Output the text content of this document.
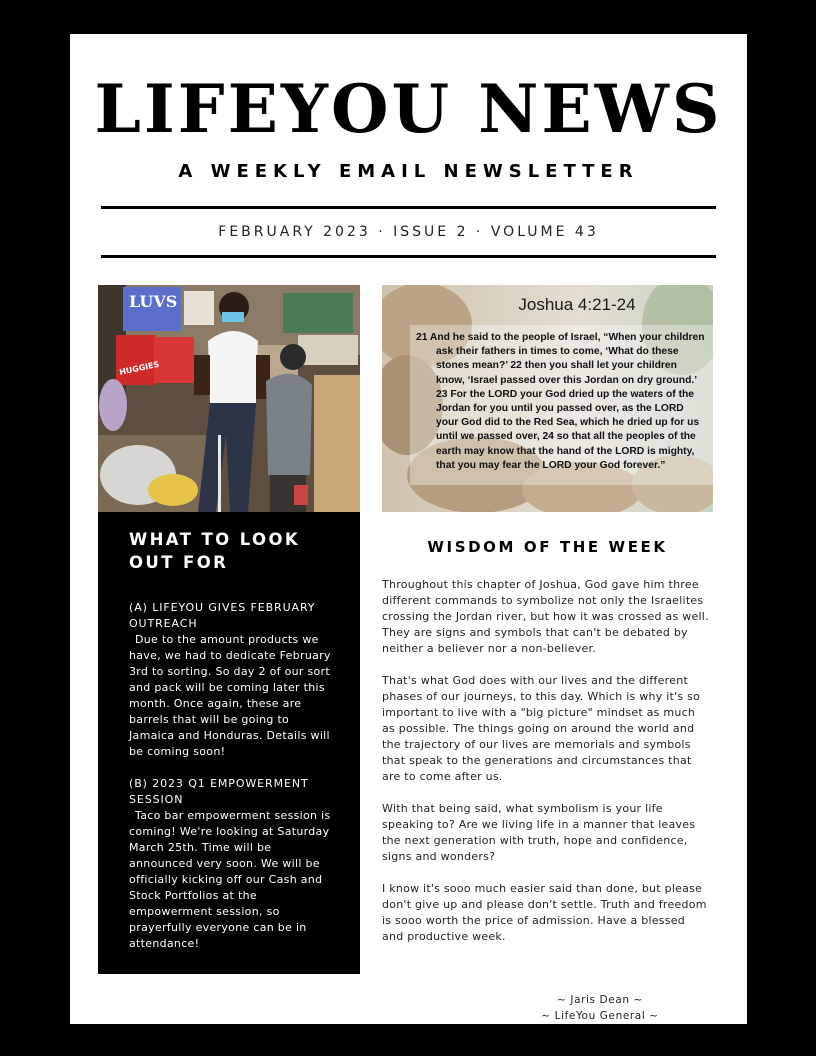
LIFEYOU NEWS
A WEEKLY EMAIL NEWSLETTER
FEBRUARY 2023 · ISSUE 2 · VOLUME 43
LUVS
HUGGIES
WHAT TO LOOK OUT FOR
(A) LIFEYOU GIVES FEBRUARY OUTREACH
Due to the amount products we have, we had to dedicate February 3rd to sorting. So day 2 of our sort and pack will be coming later this month. Once again, these are barrels that will be going to Jamaica and Honduras. Details will be coming soon!
(B) 2023 Q1 EMPOWERMENT SESSION
Taco bar empowerment session is coming! We're looking at Saturday March 25th. Time will be announced very soon. We will be officially kicking off our Cash and Stock Portfolios at the empowerment session, so prayerfully everyone can be in attendance!
Joshua 4:21-24

21 And he said to the people of Israel, “When your children ask their fathers in times to come, ‘What do these stones mean?’ 22 then you shall let your children know, ‘Israel passed over this Jordan on dry ground.’ 23 For the LORD your God dried up the waters of the Jordan for you until you passed over, as the LORD your God did to the Red Sea, which he dried up for us until we passed over, 24 so that all the peoples of the earth may know that the hand of the LORD is mighty, that you may fear the LORD your God forever.”

WISDOM OF THE WEEK

Throughout this chapter of Joshua, God gave him three different commands to symbolize not only the Israelites crossing the Jordan river, but how it was crossed as well. They are signs and symbols that can't be debated by neither a believer nor a non-believer.

That's what God does with our lives and the different phases of our journeys, to this day. Which is why it's so important to live with a "big picture" mindset as much as possible. The things going on around the world and the trajectory of our lives are memorials and symbols that speak to the generations and circumstances that are to come after us.

With that being said, what symbolism is your life speaking to? Are we living life in a manner that leaves the next generation with truth, hope and confidence, signs and wonders?

I know it's sooo much easier said than done, but please don't give up and please don't settle. Truth and freedom is sooo worth the price of admission. Have a blessed and productive week.

~ Jaris Dean ~
~ LifeYou General ~
